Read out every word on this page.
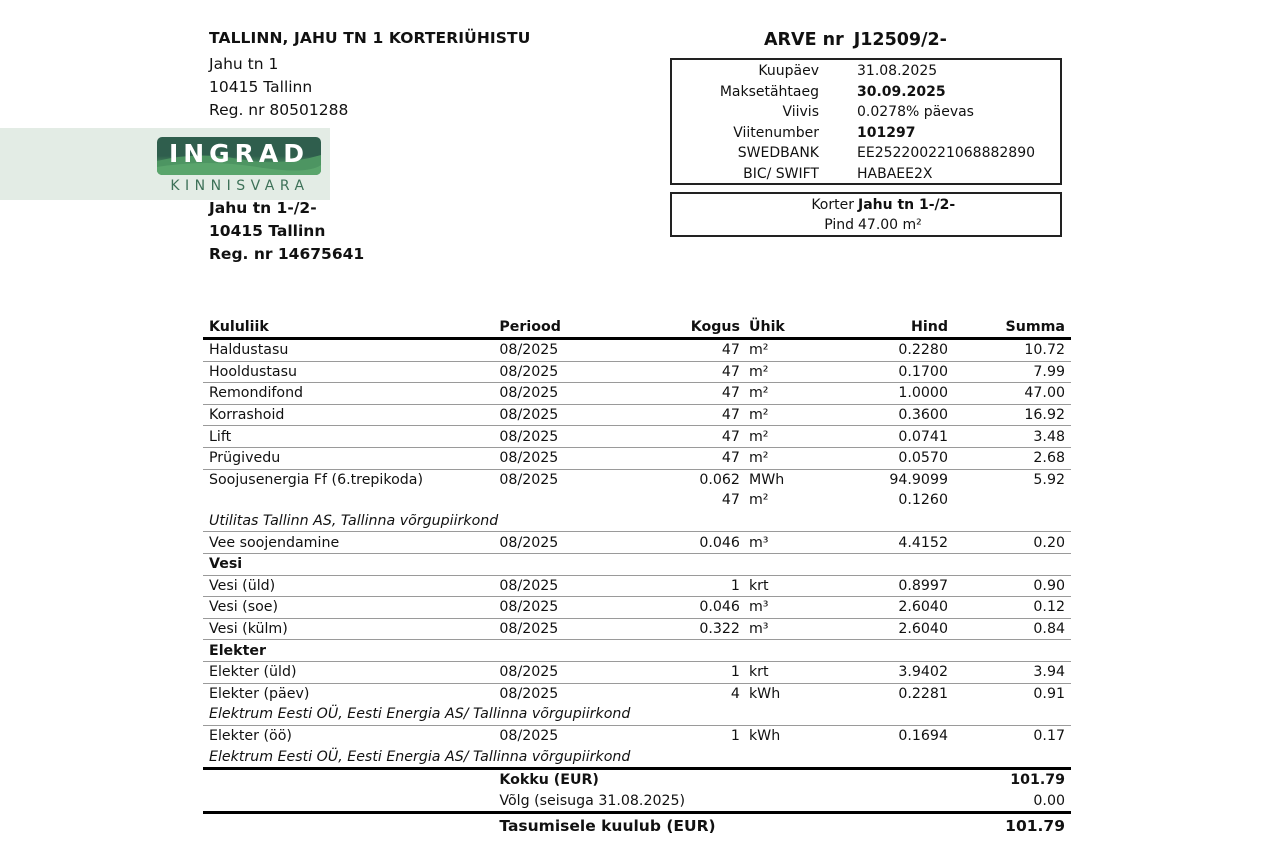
TALLINN, JAHU TN 1 KORTERIÜHISTU
Jahu tn 1
10415 Tallinn
Reg. nr 80501288
INGRAD
KINNISVARA
Jahu tn 1-/2-
10415 Tallinn
Reg. nr 14675641
ARVE nr J12509/2-
Kuupäev	31.08.2025
Maksetähtaeg	30.09.2025
Viivis	0.0278% päevas
Viitenumber	101297
SWEDBANK	EE252200221068882890
BIC/ SWIFT	HABAEE2X
Korter Jahu tn 1-/2-
Pind 47.00 m²
Kululiik	Periood	Kogus	Ühik	Hind	Summa
Haldustasu	08/2025	47	m²	0.2280	10.72
Hooldustasu	08/2025	47	m²	0.1700	7.99
Remondifond	08/2025	47	m²	1.0000	47.00
Korrashoid	08/2025	47	m²	0.3600	16.92
Lift	08/2025	47	m²	0.0741	3.48
Prügivedu	08/2025	47	m²	0.0570	2.68
Soojusenergia Ff (6.trepikoda)	08/2025	0.062	MWh	94.9099	5.92
		47	m²	0.1260	
Utilitas Tallinn AS, Tallinna võrgupiirkond					
Vee soojendamine	08/2025	0.046	m³	4.4152	0.20
Vesi					
Vesi (üld)	08/2025	1	krt	0.8997	0.90
Vesi (soe)	08/2025	0.046	m³	2.6040	0.12
Vesi (külm)	08/2025	0.322	m³	2.6040	0.84
Elekter					
Elekter (üld)	08/2025	1	krt	3.9402	3.94
Elekter (päev)	08/2025	4	kWh	0.2281	0.91
Elektrum Eesti OÜ, Eesti Energia AS/ Tallinna võrgupiirkond					
Elekter (öö)	08/2025	1	kWh	0.1694	0.17
Elektrum Eesti OÜ, Eesti Energia AS/ Tallinna võrgupiirkond					
	Kokku (EUR)				101.79
	Võlg (seisuga 31.08.2025)				0.00
	Tasumisele kuulub (EUR)				101.79
